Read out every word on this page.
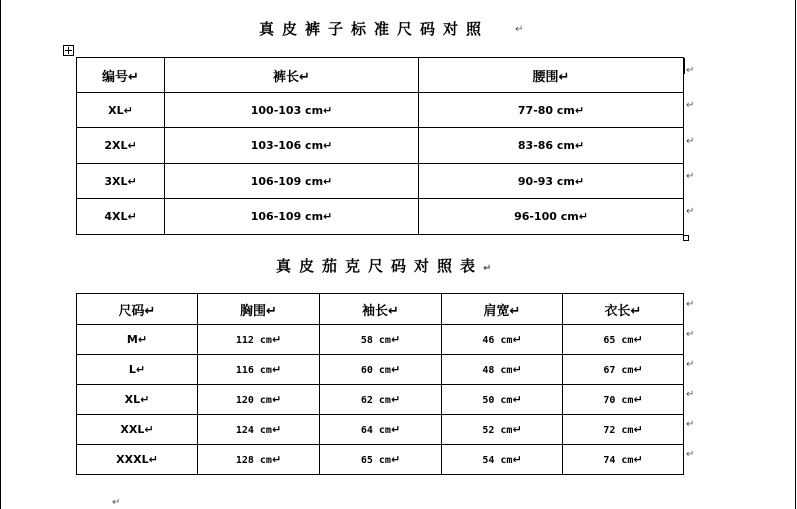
真皮裤子标准尺码对照	↵
编号↵	裤长↵	腰围↵
XL↵	100-103 cm↵	77-80 cm↵
2XL↵	103-106 cm↵	83-86 cm↵
3XL↵	106-109 cm↵	90-93 cm↵
4XL↵	106-109 cm↵	96-100 cm↵
↵
↵
↵
↵
↵
真皮茄克尺码对照表↵
尺码↵	胸围↵	袖长↵	肩宽↵	衣长↵
M↵	112 cm↵	58 cm↵	46 cm↵	65 cm↵
L↵	116 cm↵	60 cm↵	48 cm↵	67 cm↵
XL↵	120 cm↵	62 cm↵	50 cm↵	70 cm↵
XXL↵	124 cm↵	64 cm↵	52 cm↵	72 cm↵
XXXL↵	128 cm↵	65 cm↵	54 cm↵	74 cm↵
↵
↵
↵
↵
↵
↵
↵
